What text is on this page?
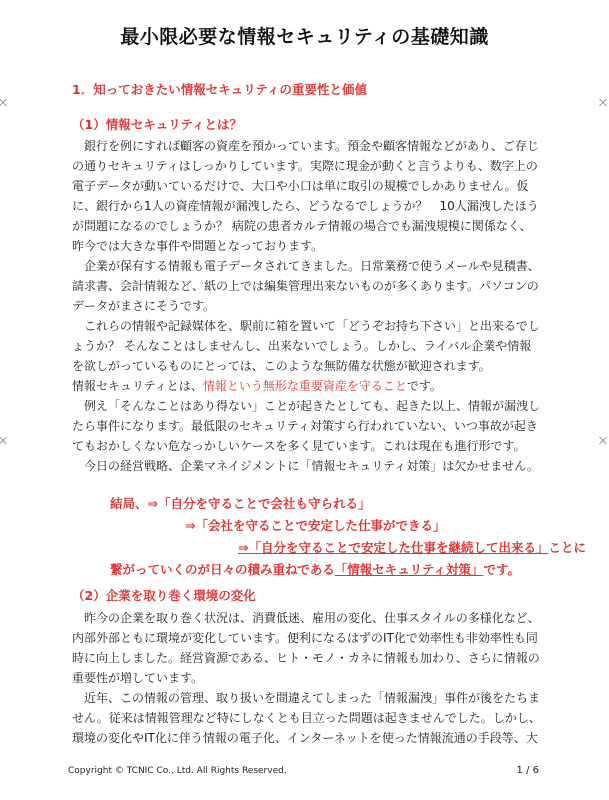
最小限必要な情報セキュリティの基礎知識
1．知っておきたい情報セキュリティの重要性と価値
（1）情報セキュリティとは？
　銀行を例にすれば顧客の資産を預かっています。預金や顧客情報などがあり、ご存じの通りセキュリティはしっかりしています。実際に現金が動くと言うよりも、数字上の電子データが動いているだけで、大口や小口は単に取引の規模でしかありません。仮に、銀行から1人の資産情報が漏洩したら、どうなるでしょうか？　10人漏洩したほうが問題になるのでしょうか？ 病院の患者カルテ情報の場合でも漏洩規模に関係なく、昨今では大きな事件や問題となっております。
　企業が保有する情報も電子データされてきました。日常業務で使うメールや見積書、請求書、会計情報など、紙の上では編集管理出来ないものが多くあります。パソコンのデータがまさにそうです。
　これらの情報や記録媒体を、駅前に箱を置いて「どうぞお持ち下さい」と出来るでしょうか？ そんなことはしませんし、出来ないでしょう。しかし、ライバル企業や情報を欲しがっているものにとっては、このような無防備な状態が歓迎されます。
情報セキュリティとは、情報という無形な重要資産を守ることです。
　例え「そんなことはあり得ない」ことが起きたとしても、起きた以上、情報が漏洩したら事件になります。最低限のセキュリティ対策すら行われていない、いつ事故が起きてもおかしくない危なっかしいケースを多く見ています。これは現在も進行形です。
　今日の経営戦略、企業マネイジメントに「情報セキュリティ対策」は欠かせません。
結局、⇒「自分を守ることで会社も守られる」
⇒「会社を守ることで安定した仕事ができる」
⇒「自分を守ることで安定した仕事を継続して出来る」ことに
繋がっていくのが日々の積み重ねである「情報セキュリティ対策」です。
（2）企業を取り巻く環境の変化
　昨今の企業を取り巻く状況は、消費低迷、雇用の変化、仕事スタイルの多様化など、内部外部ともに環境が変化しています。便利になるはずのIT化で効率性も非効率性も同時に向上しました。経営資源である、ヒト・モノ・カネに情報も加わり、さらに情報の重要性が増しています。
　近年、この情報の管理、取り扱いを間違えてしまった「情報漏洩」事件が後をたちません。従来は情報管理など特にしなくとも目立った問題は起きませんでした。しかし、環境の変化やIT化に伴う情報の電子化、インターネットを使った情報流通の手段等、大
Copyright © TCNIC Co., Ltd. All Rights Reserved.	1 / 6
